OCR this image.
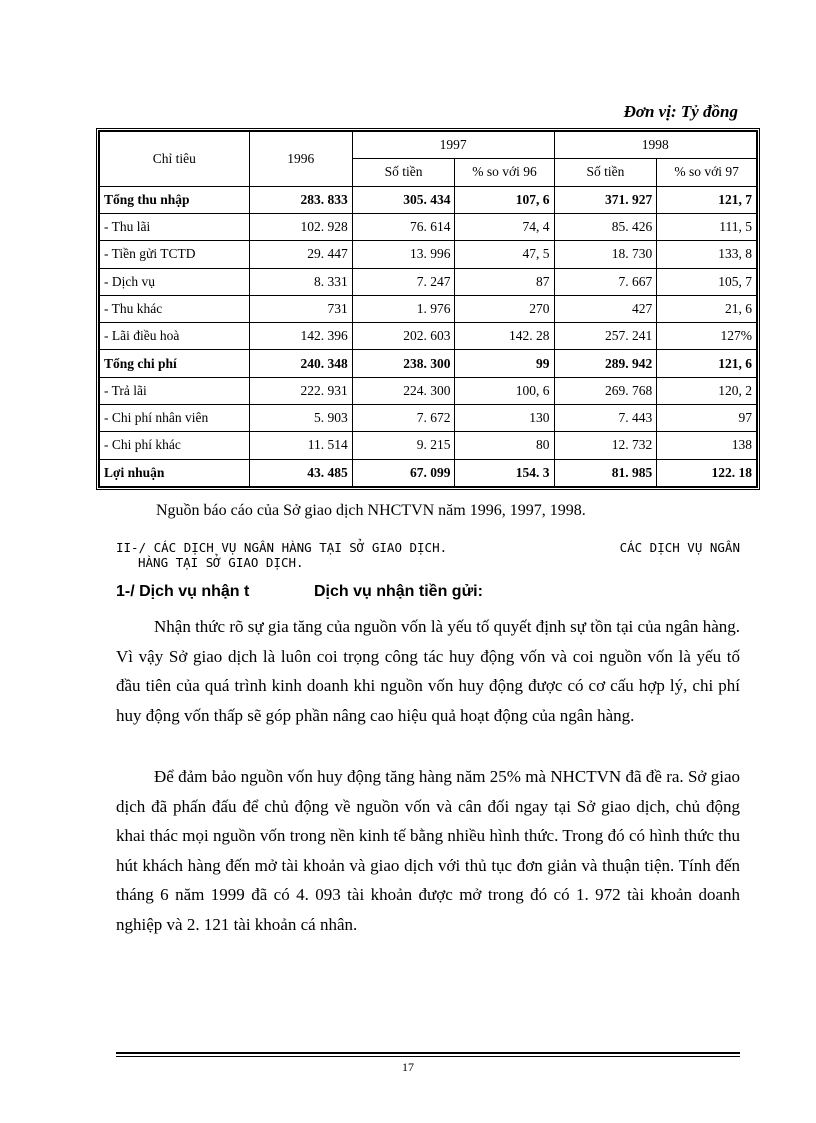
Đơn vị: Tỷ đồng
Chỉ tiêu	1996	1997		1998	
		Số tiền	% so với 96	Số tiền	% so với 97
Tổng thu nhập	283. 833	305. 434	107, 6	371. 927	121, 7
- Thu lãi	102. 928	76. 614	74, 4	85. 426	111, 5
- Tiền gửi TCTD	29. 447	13. 996	47, 5	18. 730	133, 8
- Dịch vụ	8. 331	7. 247	87	7. 667	105, 7
- Thu khác	731	1. 976	270	427	21, 6
- Lãi điều hoà	142. 396	202. 603	142. 28	257. 241	127%
Tổng chi phí	240. 348	238. 300	99	289. 942	121, 6
- Trả lãi	222. 931	224. 300	100, 6	269. 768	120, 2
- Chi phí nhân viên	5. 903	7. 672	130	7. 443	97
- Chi phí khác	11. 514	9. 215	80	12. 732	138
Lợi nhuận	43. 485	67. 099	154. 3	81. 985	122. 18
Nguồn báo cáo của Sở giao dịch NHCTVN năm 1996, 1997, 1998.
II-/ CÁC DỊCH VỤ NGÂN HÀNG TẠI SỞ GIAO DỊCH.	CÁC DỊCH VỤ NGÂN
HÀNG TẠI SỞ GIAO DỊCH.
1-/ Dịch vụ nhận t	Dịch vụ nhận tiền gửi:

Nhận thức rõ sự gia tăng của nguồn vốn là yếu tố quyết định sự tồn tại của ngân hàng. Vì vậy Sở giao dịch là luôn coi trọng công tác huy động vốn và coi nguồn vốn là yếu tố đầu tiên của quá trình kinh doanh khi nguồn vốn huy động được có cơ cấu hợp lý, chi phí huy động vốn thấp sẽ góp phần nâng cao hiệu quả hoạt động của ngân hàng.

Để đảm bảo nguồn vốn huy động tăng hàng năm 25% mà NHCTVN đã đề ra. Sở giao dịch đã phấn đấu để chủ động về nguồn vốn và cân đối ngay tại Sở giao dịch, chủ động khai thác mọi nguồn vốn trong nền kinh tế bằng nhiều hình thức. Trong đó có hình thức thu hút khách hàng đến mở tài khoản và giao dịch với thủ tục đơn giản và thuận tiện. Tính đến tháng 6 năm 1999 đã có 4. 093 tài khoản được mở trong đó có 1. 972 tài khoản doanh nghiệp và 2. 121 tài khoản cá nhân.

17
